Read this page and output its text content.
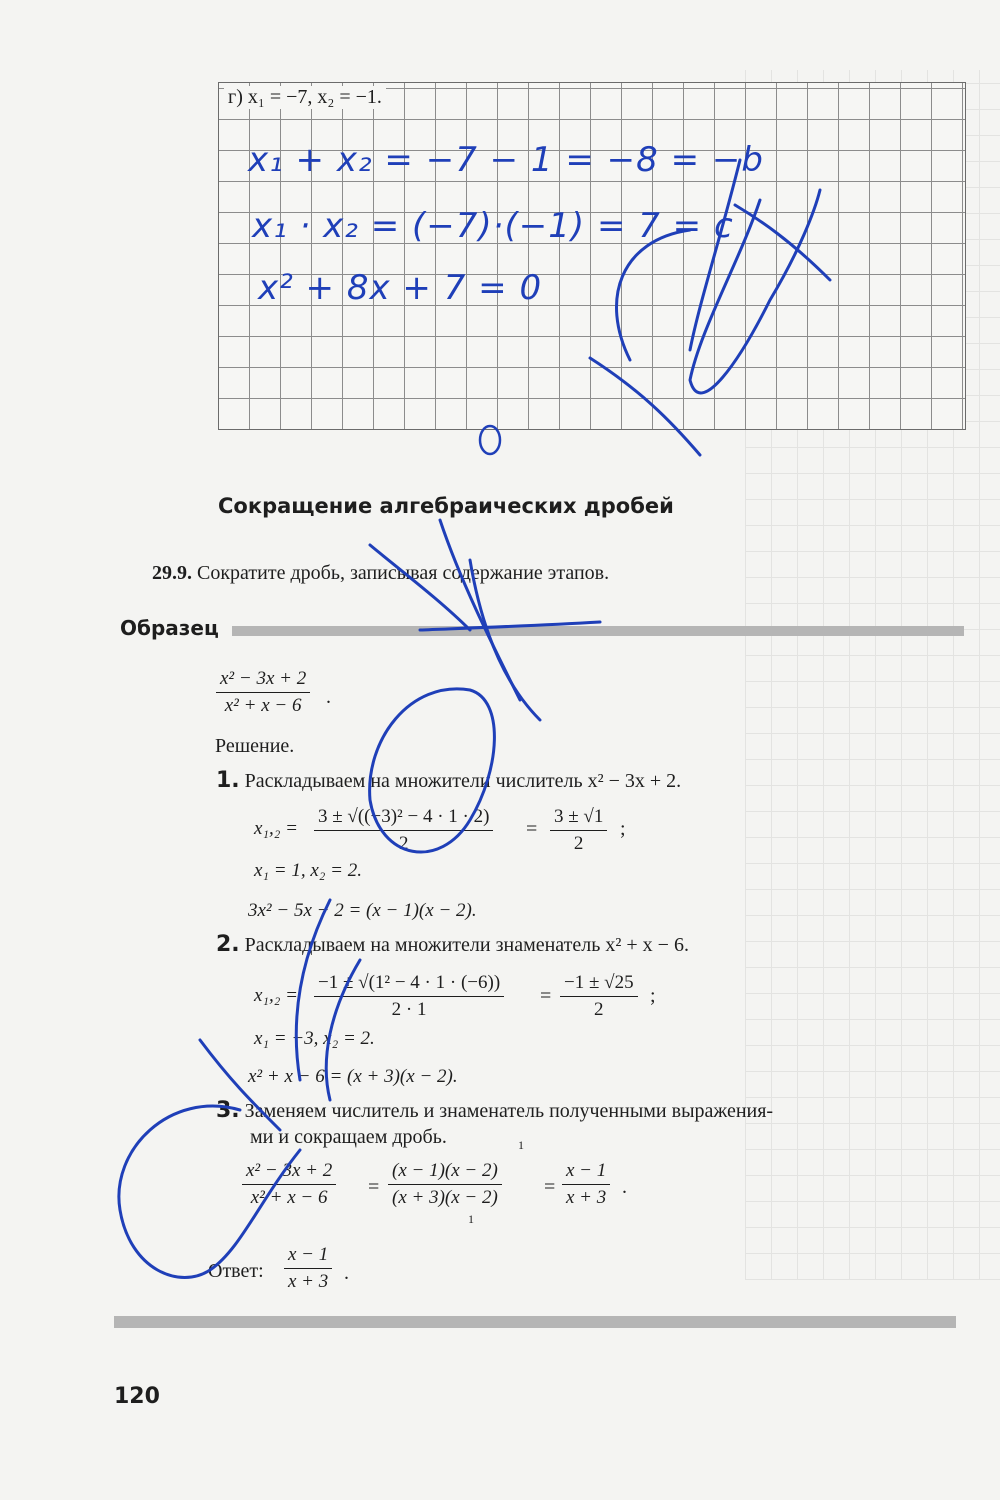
г) x₁ = −7, x₂ = −1.
x₁ + x₂ = −7 − 1 = −8 = −b
x₁ · x₂ = (−7)·(−1) = 7 = c
x² + 8x + 7 = 0
Сокращение алгебраических дробей
29.9. Сократите дробь, записывая содержание этапов.
Образец
$\frac{\text{x² − 3x + 2}}{\text{x² + x − 6}}$ .
Решение.
1. Раскладываем на множители числитель x² − 3x + 2.
$x_1,_2 = \frac{\text{3 ± √((−3)² − 4 · 1 · 2)}}{2} = \frac{3 \pm √1}{2}$ ;
x₁ = 1, x₂ = 2.
3x² − 5x − 2 = (x − 1)(x − 2).
2. Раскладываем на множители знаменатель x² + x − 6.
$x_1,_2 = \frac{\text{−1 ± √(1² − 4 · 1 · (−6))}}{2 \cdot 1} = \frac{-1 \pm √25}{2}$ ;
x₁ = −3, x₂ = 2.
x² + x − 6 = (x + 3)(x − 2).
3. Заменяем числитель и знаменатель полученными выражения-
ми и сокращаем дробь.
$\frac{\text{x² − 3x + 2}}{\text{x² + x − 6}} = \frac{(x - 1)(x - 2)}{(x + 3)(x - 2)}$
1
1
= $\frac{x - 1}{x + 3}$ .
Ответ: $\frac{x - 1}{x + 3}$ .
120
